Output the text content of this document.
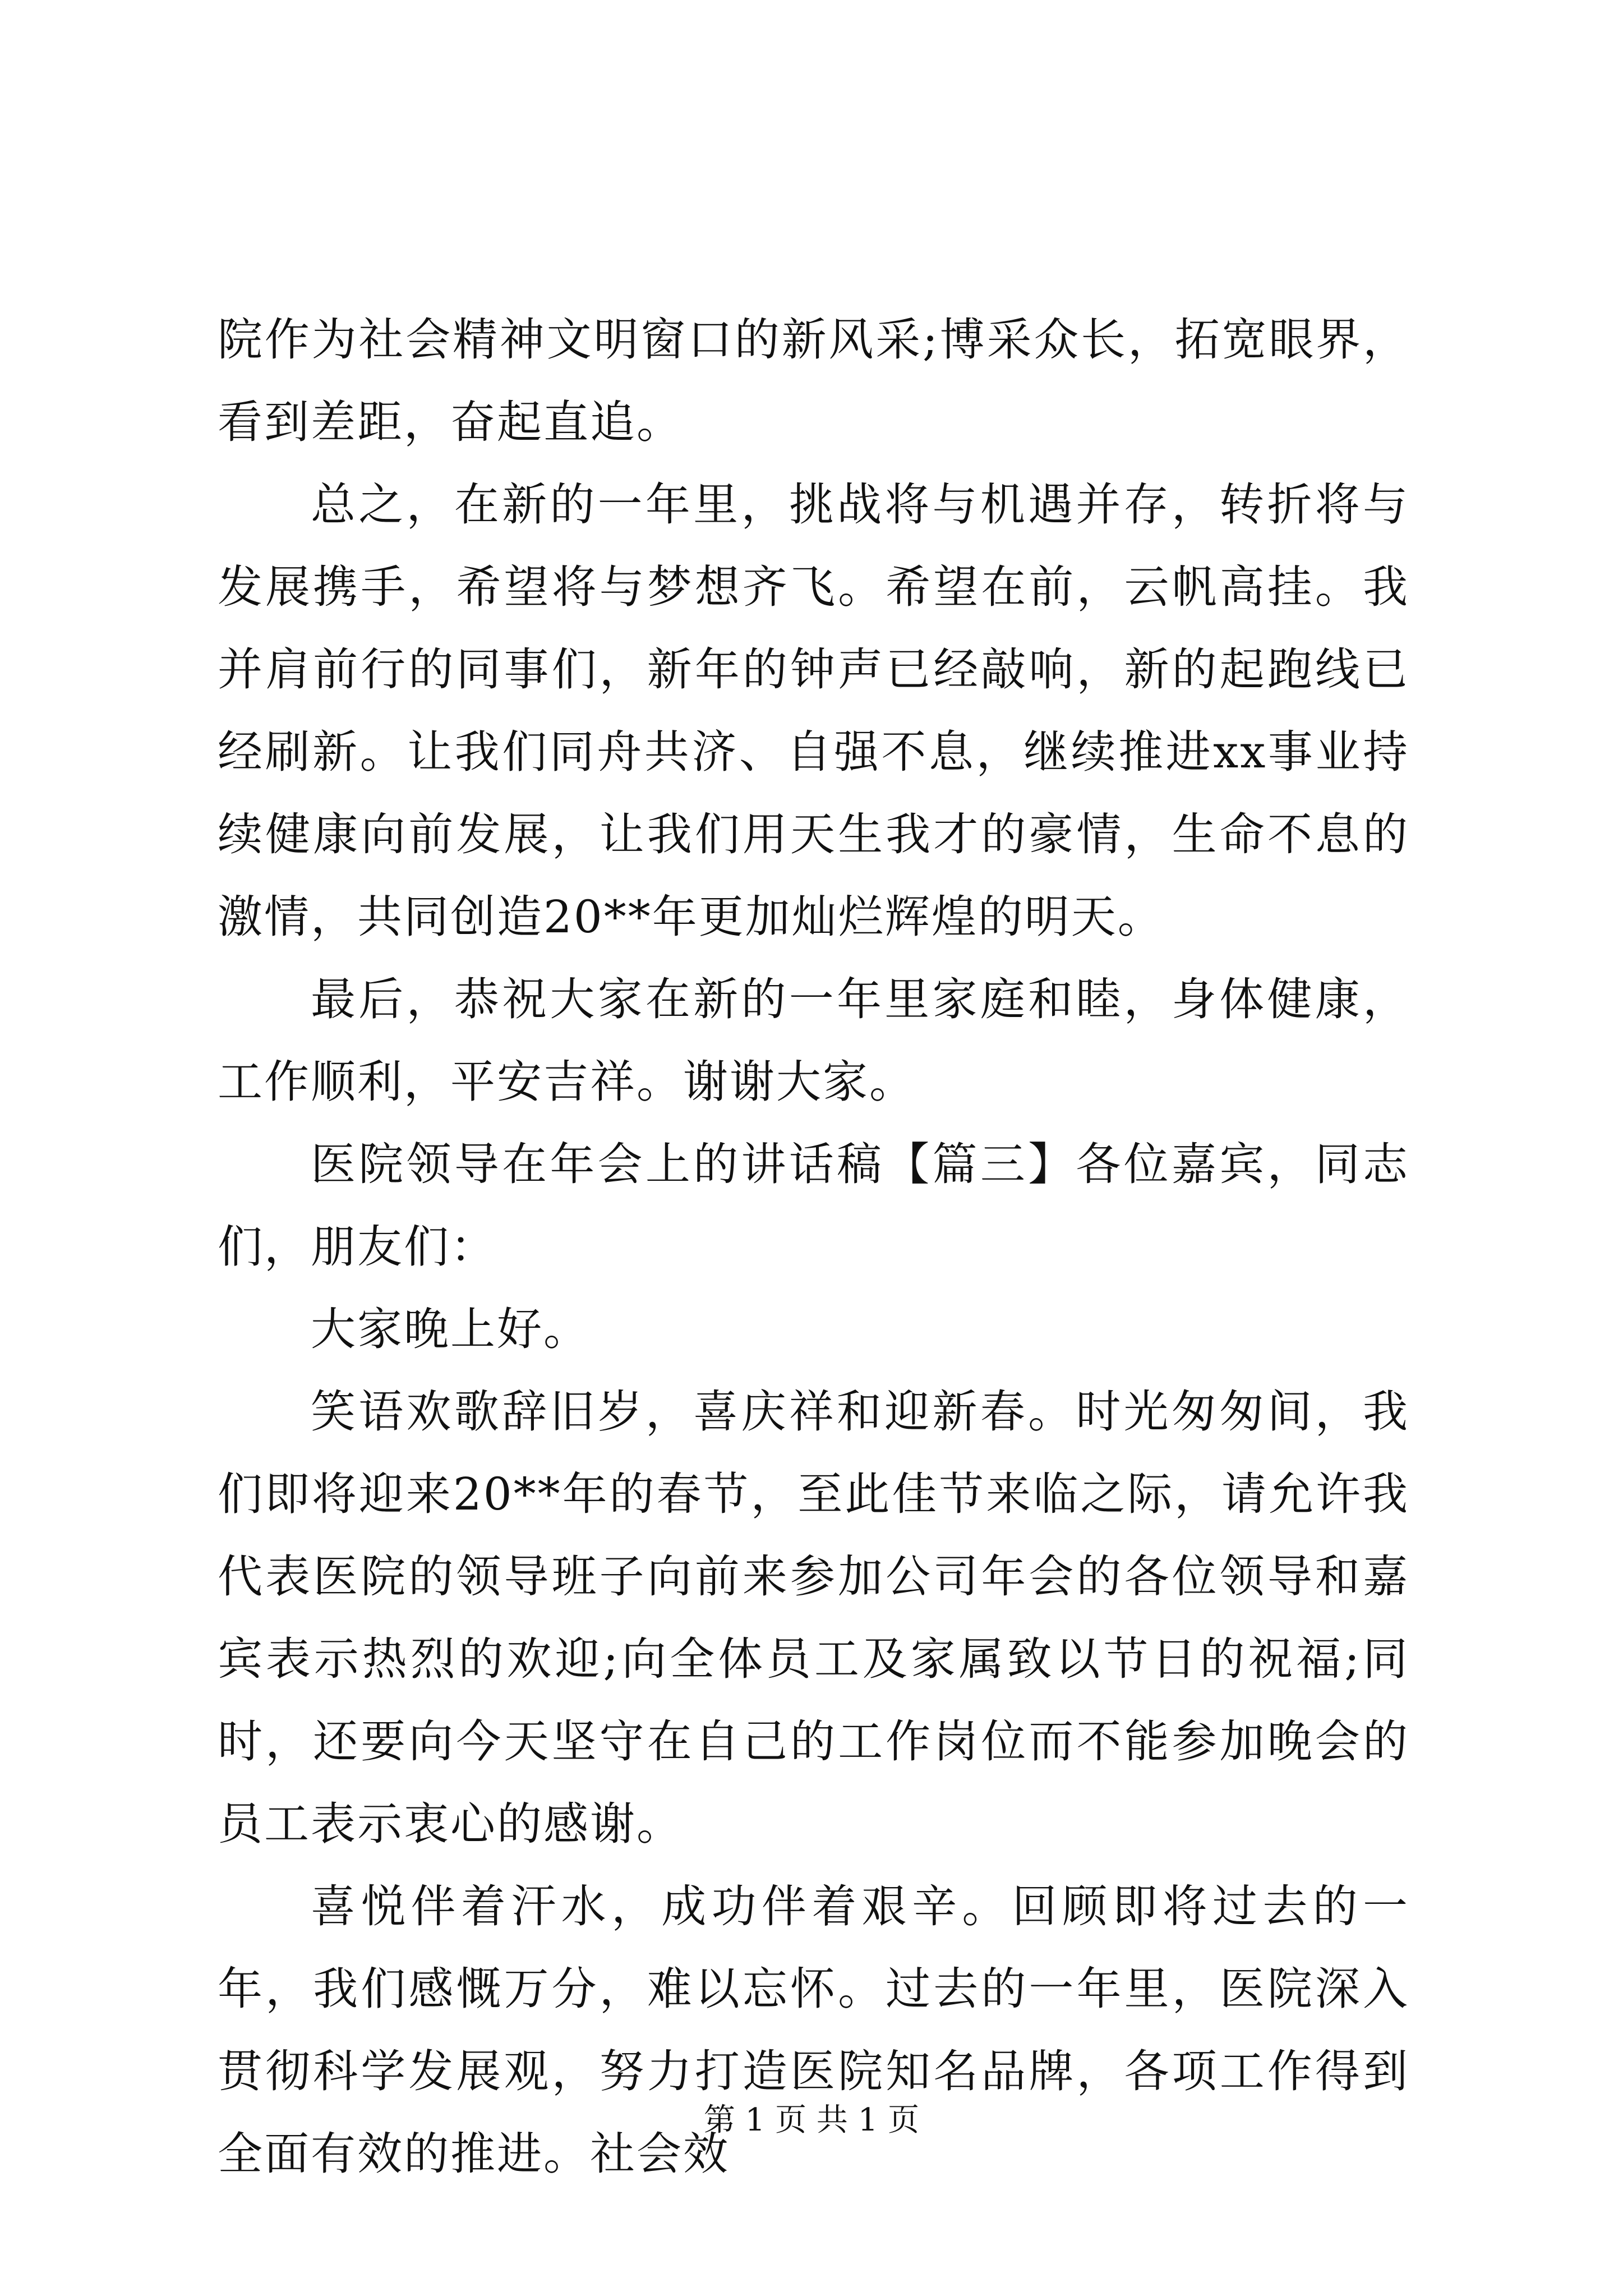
院作为社会精神文明窗口的新风采;博采众长，拓宽眼界，看到差距，奋起直追。

总之，在新的一年里，挑战将与机遇并存，转折将与发展携手，希望将与梦想齐飞。希望在前，云帆高挂。我并肩前行的同事们，新年的钟声已经敲响，新的起跑线已经刷新。让我们同舟共济、自强不息，继续推进xx事业持续健康向前发展，让我们用天生我才的豪情，生命不息的激情，共同创造20**年更加灿烂辉煌的明天。

最后，恭祝大家在新的一年里家庭和睦，身体健康，工作顺利，平安吉祥。谢谢大家。

医院领导在年会上的讲话稿【篇三】各位嘉宾，同志们，朋友们：

大家晚上好。

笑语欢歌辞旧岁，喜庆祥和迎新春。时光匆匆间，我们即将迎来20**年的春节，至此佳节来临之际，请允许我代表医院的领导班子向前来参加公司年会的各位领导和嘉宾表示热烈的欢迎;向全体员工及家属致以节日的祝福;同时，还要向今天坚守在自己的工作岗位而不能参加晚会的员工表示衷心的感谢。

喜悦伴着汗水，成功伴着艰辛。回顾即将过去的一年，我们感慨万分，难以忘怀。过去的一年里，医院深入贯彻科学发展观，努力打造医院知名品牌，各项工作得到全面有效的推进。社会效

第 1 页 共 1 页
